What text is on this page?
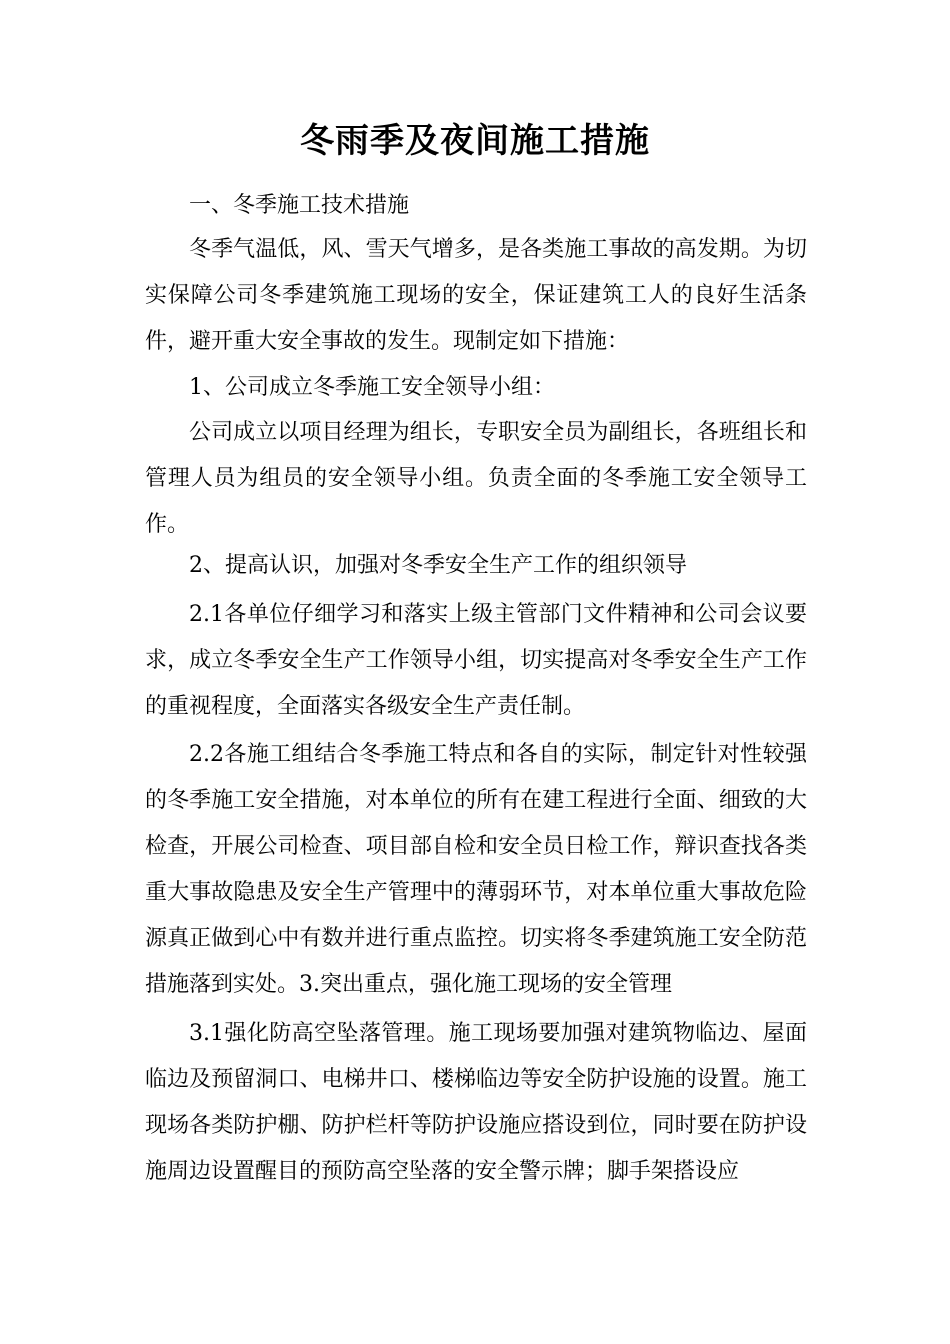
冬雨季及夜间施工措施

一、冬季施工技术措施

冬季气温低，风、雪天气增多，是各类施工事故的高发期。为切实保障公司冬季建筑施工现场的安全，保证建筑工人的良好生活条件，避开重大安全事故的发生。现制定如下措施：

1、公司成立冬季施工安全领导小组：

公司成立以项目经理为组长，专职安全员为副组长，各班组长和管理人员为组员的安全领导小组。负责全面的冬季施工安全领导工作。

2、提高认识，加强对冬季安全生产工作的组织领导

2.1各单位仔细学习和落实上级主管部门文件精神和公司会议要求，成立冬季安全生产工作领导小组，切实提高对冬季安全生产工作的重视程度，全面落实各级安全生产责任制。

2.2各施工组结合冬季施工特点和各自的实际，制定针对性较强的冬季施工安全措施，对本单位的所有在建工程进行全面、细致的大检查，开展公司检查、项目部自检和安全员日检工作，辩识查找各类重大事故隐患及安全生产管理中的薄弱环节，对本单位重大事故危险源真正做到心中有数并进行重点监控。切实将冬季建筑施工安全防范措施落到实处。3.突出重点，强化施工现场的安全管理

3.1强化防高空坠落管理。施工现场要加强对建筑物临边、屋面临边及预留洞口、电梯井口、楼梯临边等安全防护设施的设置。施工现场各类防护棚、防护栏杆等防护设施应搭设到位，同时要在防护设施周边设置醒目的预防高空坠落的安全警示牌；脚手架搭设应
